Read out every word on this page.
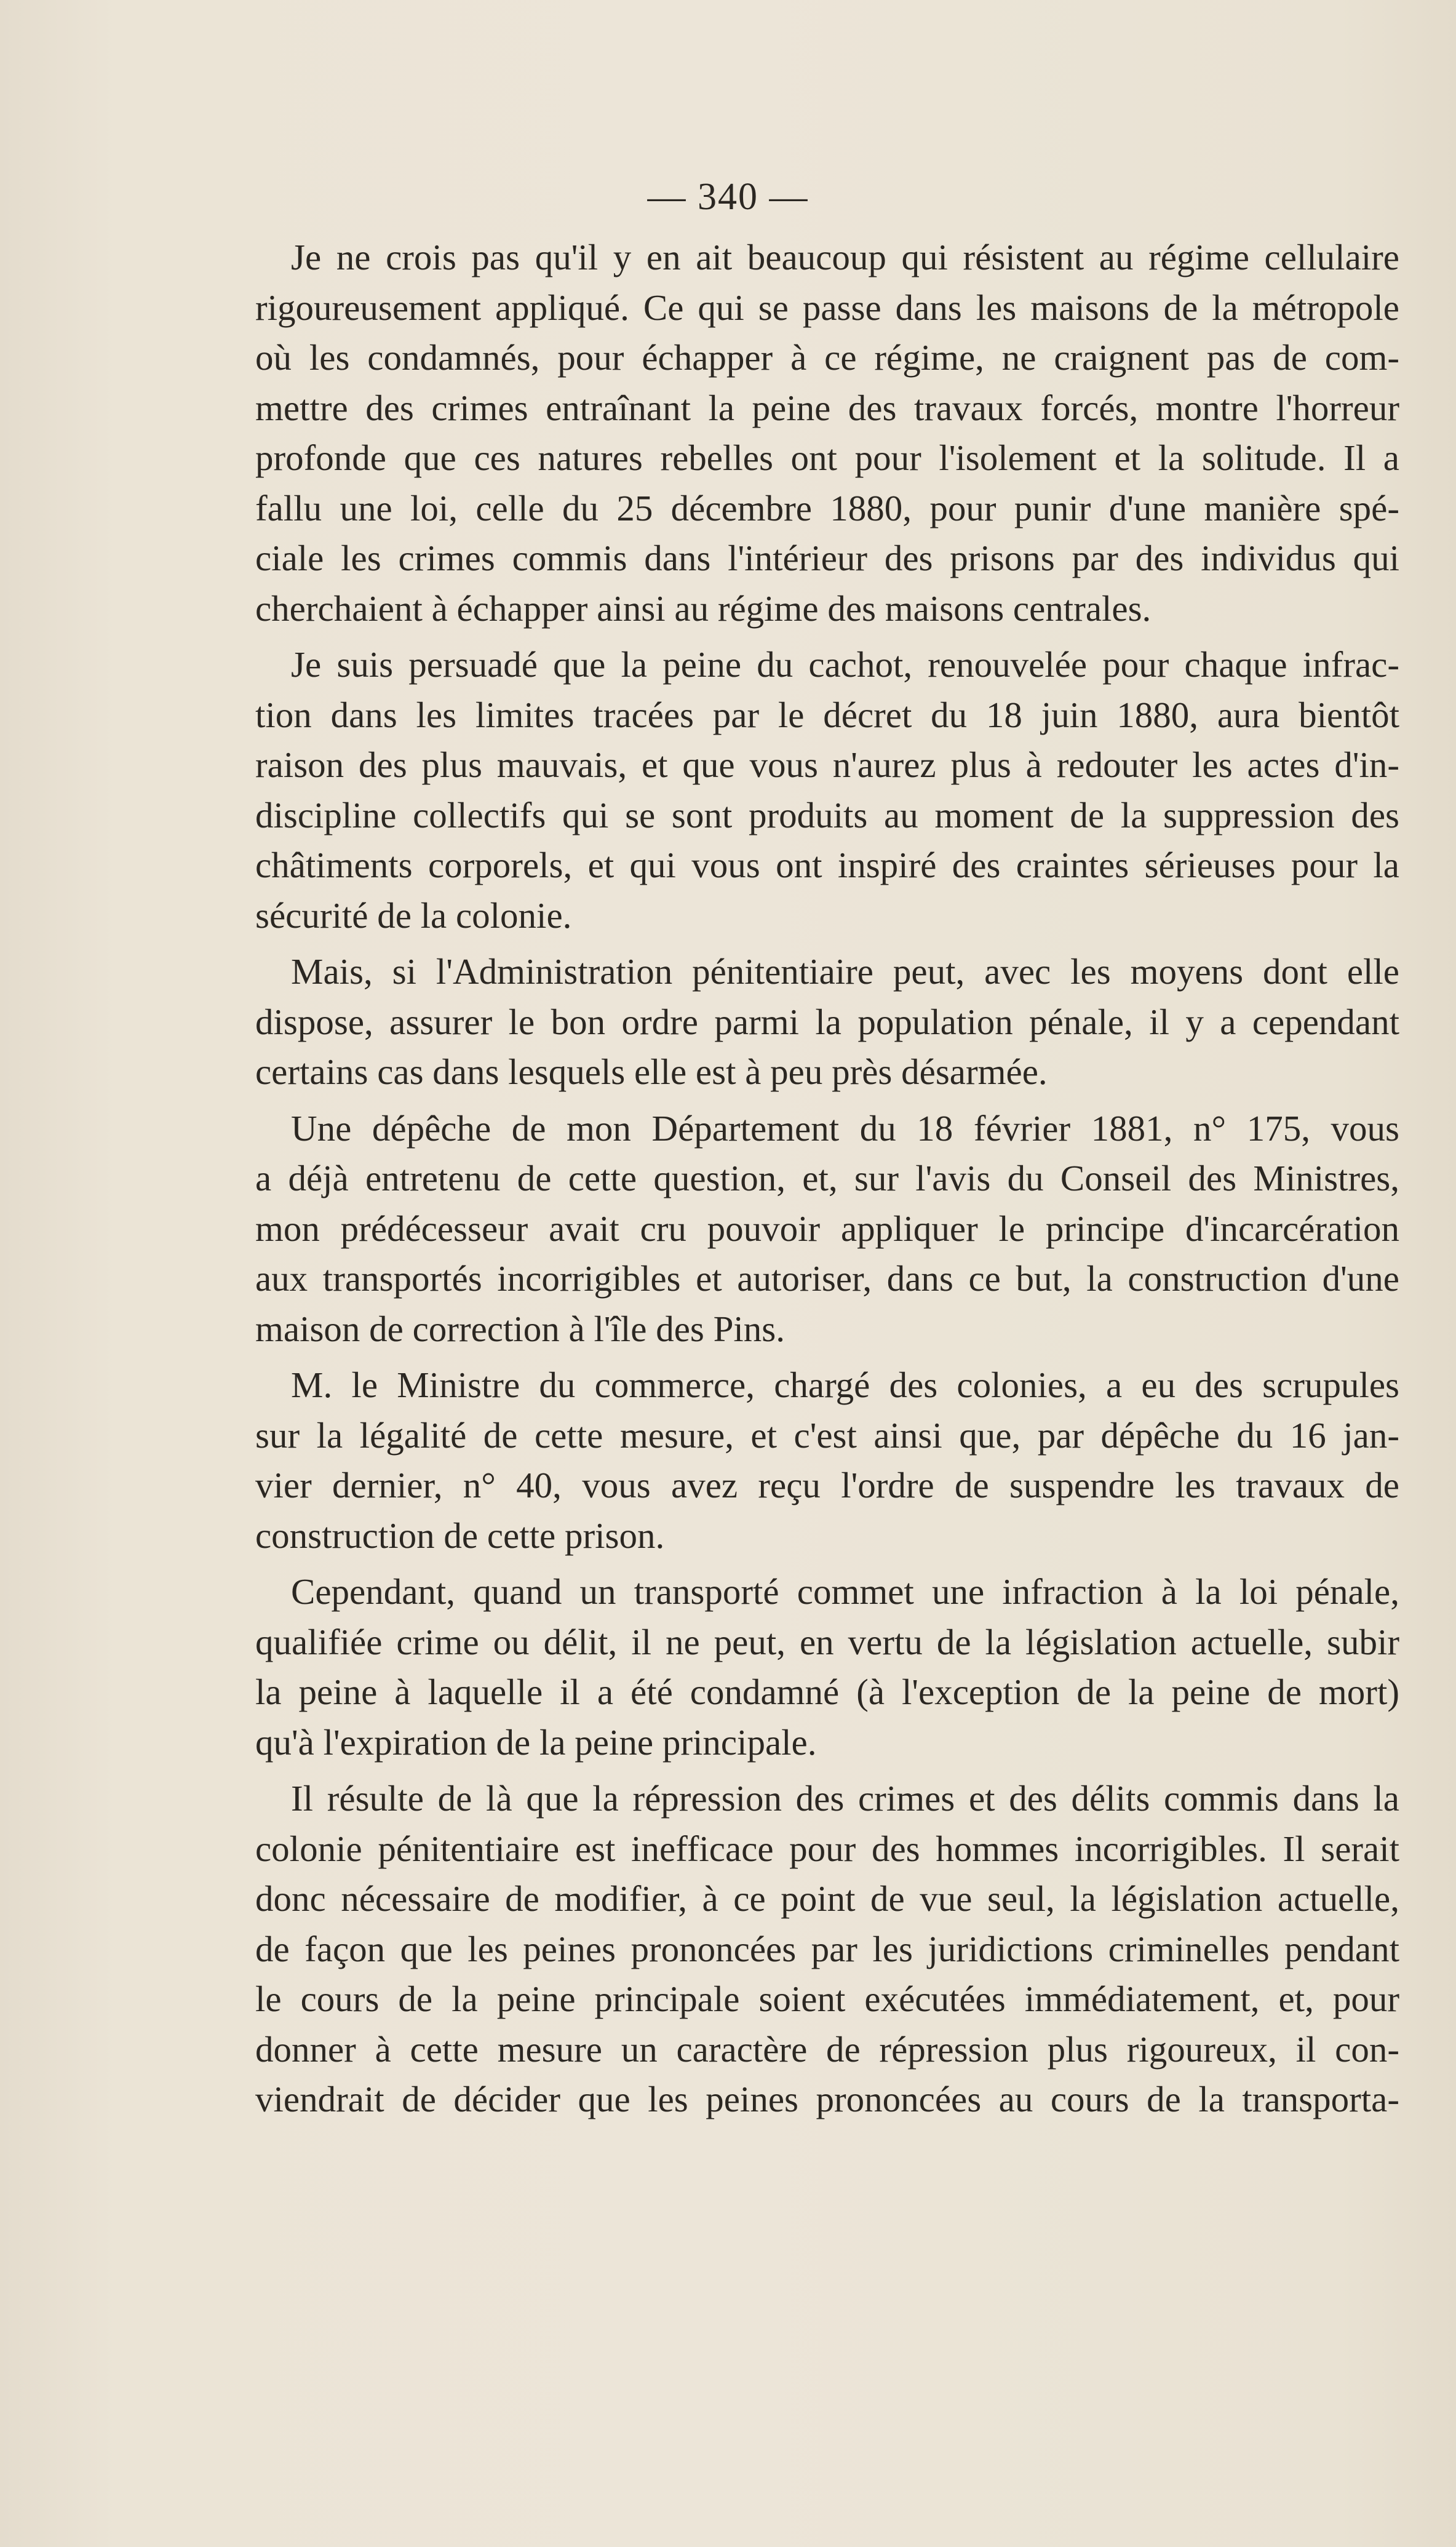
— 340 —
Je ne crois pas qu'il y en ait beaucoup qui résistent au régime cellulaire
rigoureusement appliqué. Ce qui se passe dans les maisons de la métropole
où les condamnés, pour échapper à ce régime, ne craignent pas de com-
mettre des crimes entraînant la peine des travaux forcés, montre l'horreur
profonde que ces natures rebelles ont pour l'isolement et la solitude. Il a
fallu une loi, celle du 25 décembre 1880, pour punir d'une manière spé-
ciale les crimes commis dans l'intérieur des prisons par des individus qui
cherchaient à échapper ainsi au régime des maisons centrales.
Je suis persuadé que la peine du cachot, renouvelée pour chaque infrac-
tion dans les limites tracées par le décret du 18 juin 1880, aura bientôt
raison des plus mauvais, et que vous n'aurez plus à redouter les actes d'in-
discipline collectifs qui se sont produits au moment de la suppression des
châtiments corporels, et qui vous ont inspiré des craintes sérieuses pour la
sécurité de la colonie.
Mais, si l'Administration pénitentiaire peut, avec les moyens dont elle
dispose, assurer le bon ordre parmi la population pénale, il y a cependant
certains cas dans lesquels elle est à peu près désarmée.
Une dépêche de mon Département du 18 février 1881, n° 175, vous
a déjà entretenu de cette question, et, sur l'avis du Conseil des Ministres,
mon prédécesseur avait cru pouvoir appliquer le principe d'incarcération
aux transportés incorrigibles et autoriser, dans ce but, la construction d'une
maison de correction à l'île des Pins.
M. le Ministre du commerce, chargé des colonies, a eu des scrupules
sur la légalité de cette mesure, et c'est ainsi que, par dépêche du 16 jan-
vier dernier, n° 40, vous avez reçu l'ordre de suspendre les travaux de
construction de cette prison.
Cependant, quand un transporté commet une infraction à la loi pénale,
qualifiée crime ou délit, il ne peut, en vertu de la législation actuelle, subir
la peine à laquelle il a été condamné (à l'exception de la peine de mort)
qu'à l'expiration de la peine principale.
Il résulte de là que la répression des crimes et des délits commis dans la
colonie pénitentiaire est inefficace pour des hommes incorrigibles. Il serait
donc nécessaire de modifier, à ce point de vue seul, la législation actuelle,
de façon que les peines prononcées par les juridictions criminelles pendant
le cours de la peine principale soient exécutées immédiatement, et, pour
donner à cette mesure un caractère de répression plus rigoureux, il con-
viendrait de décider que les peines prononcées au cours de la transporta-
